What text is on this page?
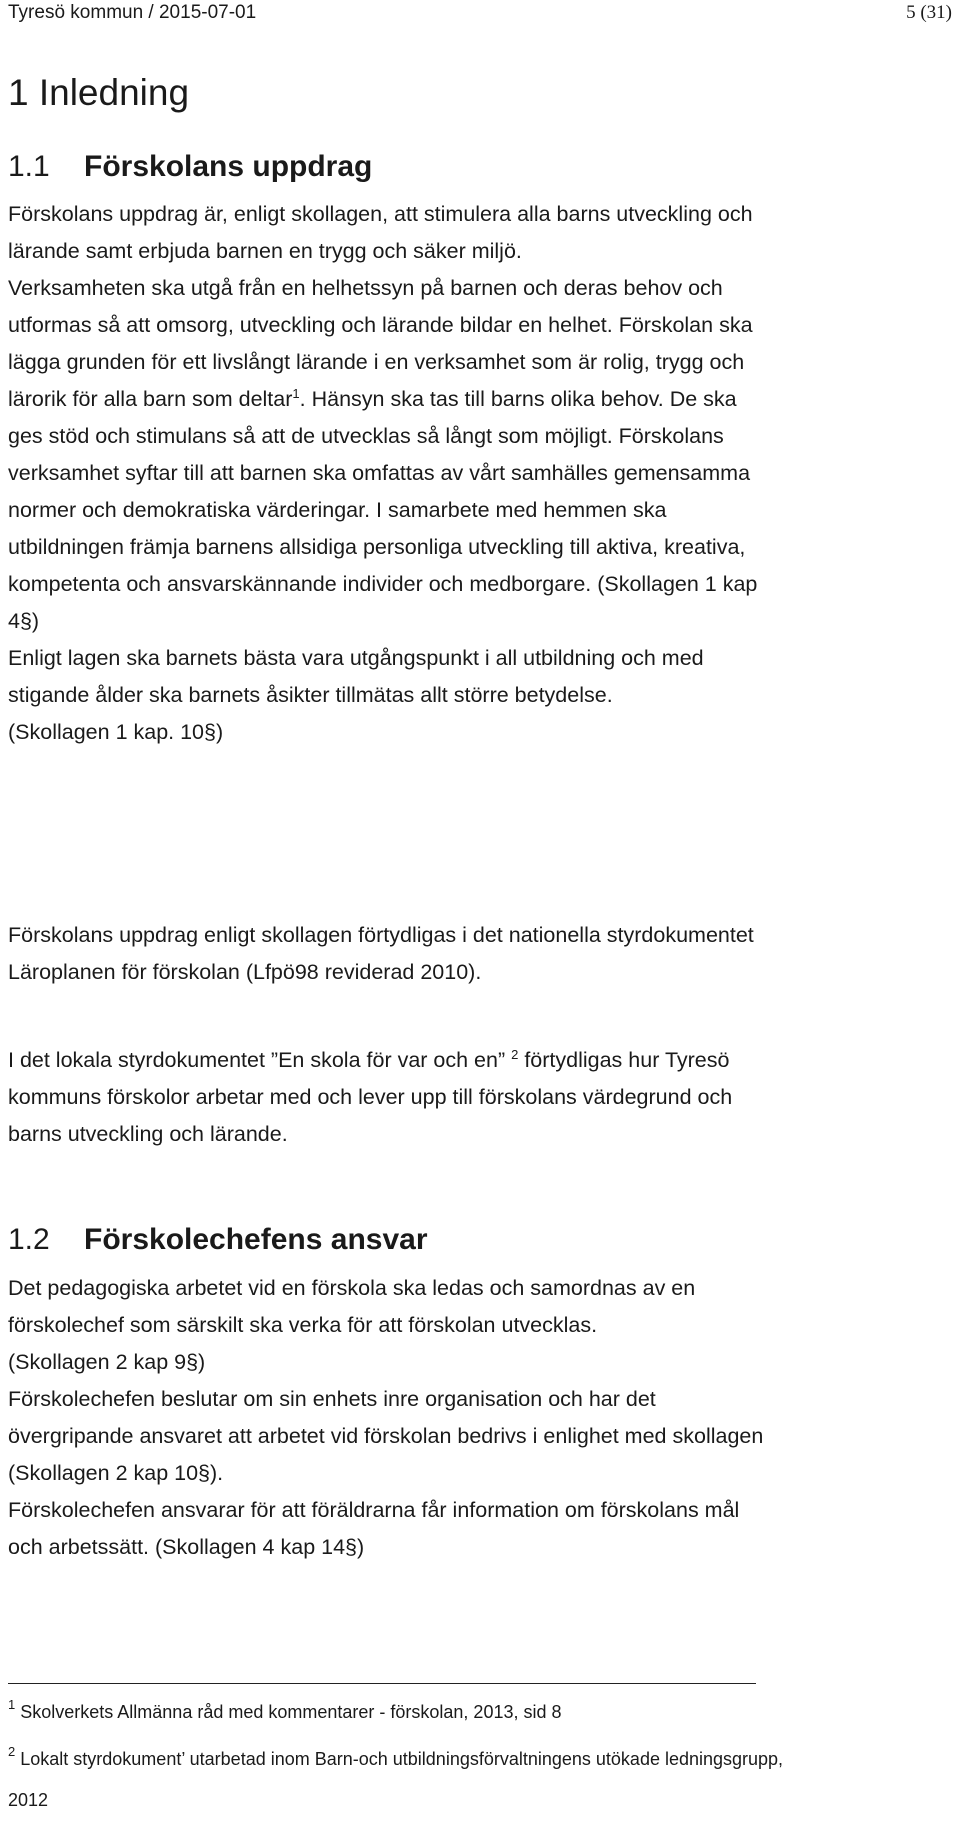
Tyresö kommun / 2015-07-01	5 (31)
1 Inledning
1.1 Förskolans uppdrag
Förskolans uppdrag är, enligt skollagen, att stimulera alla barns utveckling och
lärande samt erbjuda barnen en trygg och säker miljö.
Verksamheten ska utgå från en helhetssyn på barnen och deras behov och
utformas så att omsorg, utveckling och lärande bildar en helhet. Förskolan ska
lägga grunden för ett livslångt lärande i en verksamhet som är rolig, trygg och
lärorik för alla barn som deltar$^1$. Hänsyn ska tas till barns olika behov. De ska
ges stöd och stimulans så att de utvecklas så långt som möjligt. Förskolans
verksamhet syftar till att barnen ska omfattas av vårt samhälles gemensamma
normer och demokratiska värderingar. I samarbete med hemmen ska
utbildningen främja barnens allsidiga personliga utveckling till aktiva, kreativa,
kompetenta och ansvarskännande individer och medborgare. (Skollagen 1 kap
4§)
Enligt lagen ska barnets bästa vara utgångspunkt i all utbildning och med
stigande ålder ska barnets åsikter tillmätas allt större betydelse.
(Skollagen 1 kap. 10§)
Förskolans uppdrag enligt skollagen förtydligas i det nationella styrdokumentet
Läroplanen för förskolan (Lfpö98 reviderad 2010).
I det lokala styrdokumentet ”En skola för var och en” $^2$ förtydligas hur Tyresö
kommuns förskolor arbetar med och lever upp till förskolans värdegrund och
barns utveckling och lärande.
1.2 Förskolechefens ansvar
Det pedagogiska arbetet vid en förskola ska ledas och samordnas av en
förskolechef som särskilt ska verka för att förskolan utvecklas.
(Skollagen 2 kap 9§)
Förskolechefen beslutar om sin enhets inre organisation och har det
övergripande ansvaret att arbetet vid förskolan bedrivs i enlighet med skollagen
(Skollagen 2 kap 10§).
Förskolechefen ansvarar för att föräldrarna får information om förskolans mål
och arbetssätt. (Skollagen 4 kap 14§)
$^1$ Skolverkets Allmänna råd med kommentarer - förskolan, 2013, sid 8
$^2$ Lokalt styrdokument’ utarbetad inom Barn-och utbildningsförvaltningens utökade ledningsgrupp,
2012
